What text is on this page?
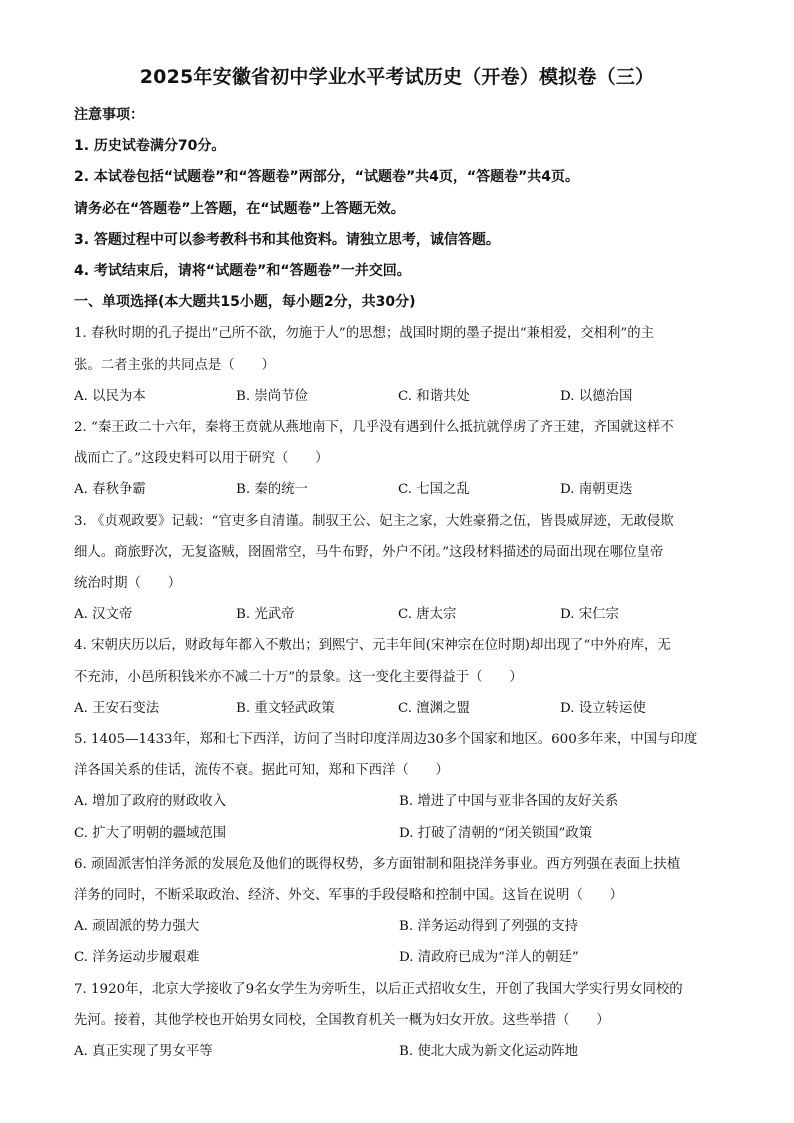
2025年安徽省初中学业水平考试历史（开卷）模拟卷（三）
注意事项：
1. 历史试卷满分70分。
2. 本试卷包括“试题卷”和“答题卷”两部分，“试题卷”共4页，“答题卷”共4页。
请务必在“答题卷”上答题，在“试题卷”上答题无效。
3. 答题过程中可以参考教科书和其他资料。请独立思考，诚信答题。
4. 考试结束后，请将“试题卷”和“答题卷”一并交回。
一、单项选择(本大题共15小题，每小题2分，共30分)
1. 春秋时期的孔子提出“己所不欲，勿施于人”的思想；战国时期的墨子提出“兼相爱，交相利”的主
张。二者主张的共同点是（　　）
A. 以民为本	B. 崇尚节俭	C. 和谐共处	D. 以德治国
2. “秦王政二十六年，秦将王贲就从燕地南下，几乎没有遇到什么抵抗就俘虏了齐王建，齐国就这样不
战而亡了。”这段史料可以用于研究（　　）
A. 春秋争霸	B. 秦的统一	C. 七国之乱	D. 南朝更迭
3. 《贞观政要》记载：“官吏多自清谨。制驭王公、妃主之家，大姓豪猾之伍，皆畏威屏迹，无敢侵欺
细人。商旅野次，无复盗贼，囹圄常空，马牛布野，外户不闭。”这段材料描述的局面出现在哪位皇帝
统治时期（　　）
A. 汉文帝	B. 光武帝	C. 唐太宗	D. 宋仁宗
4. 宋朝庆历以后，财政每年都入不敷出；到熙宁、元丰年间(宋神宗在位时期)却出现了“中外府库，无
不充沛，小邑所积钱米亦不减二十万”的景象。这一变化主要得益于（　　）
A. 王安石变法	B. 重文轻武政策	C. 澶渊之盟	D. 设立转运使
5. 1405—1433年，郑和七下西洋，访问了当时印度洋周边30多个国家和地区。600多年来，中国与印度
洋各国关系的佳话，流传不衰。据此可知，郑和下西洋（　　）
A. 增加了政府的财政收入	B. 增进了中国与亚非各国的友好关系
C. 扩大了明朝的疆域范围	D. 打破了清朝的“闭关锁国”政策
6. 顽固派害怕洋务派的发展危及他们的既得权势，多方面钳制和阻挠洋务事业。西方列强在表面上扶植
洋务的同时，不断采取政治、经济、外交、军事的手段侵略和控制中国。这旨在说明（　　）
A. 顽固派的势力强大	B. 洋务运动得到了列强的支持
C. 洋务运动步履艰难	D. 清政府已成为“洋人的朝廷”
7. 1920年，北京大学接收了9名女学生为旁听生，以后正式招收女生，开创了我国大学实行男女同校的
先河。接着，其他学校也开始男女同校，全国教育机关一概为妇女开放。这些举措（　　）
A. 真正实现了男女平等	B. 使北大成为新文化运动阵地
